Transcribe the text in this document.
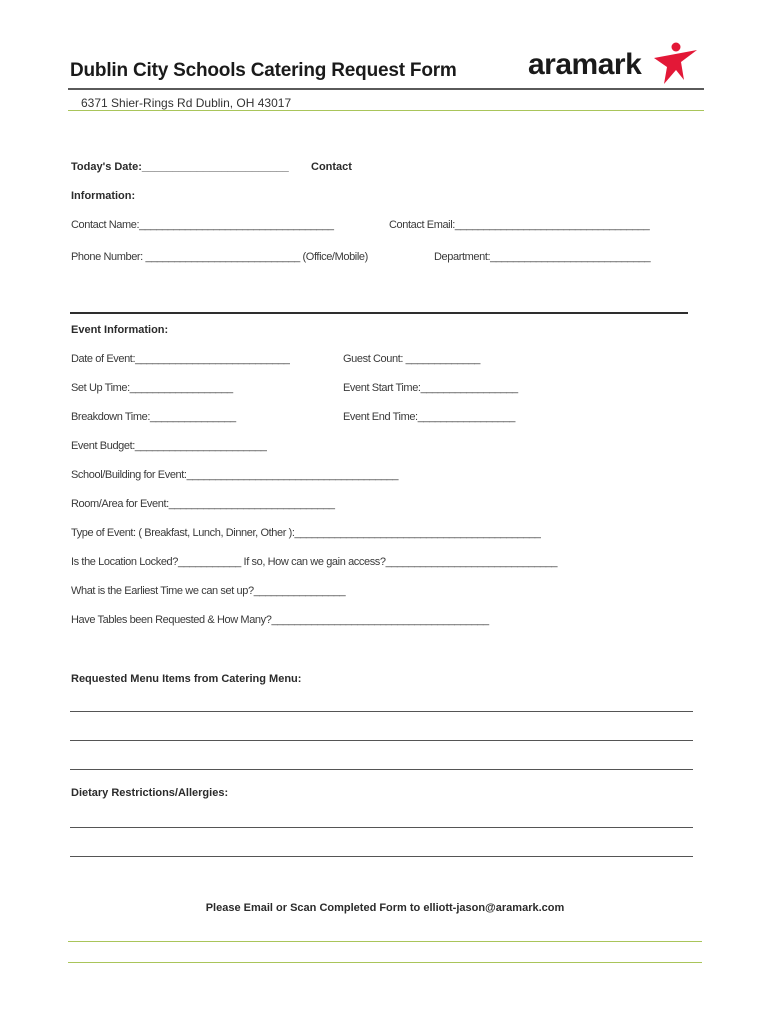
Dublin City Schools Catering Request Form aramark
6371 Shier-Rings Rd Dublin, OH 43017
Today's Date:________________________ Contact
Information:
Contact Name:__________________________________	Contact Email:__________________________________
Phone Number: ___________________________ (Office/Mobile)	Department:____________________________
Event Information:
Date of Event:___________________________	Guest Count: _____________
Set Up Time:__________________	Event Start Time:_________________
Breakdown Time:_______________	Event End Time:_________________
Event Budget:_______________________
School/Building for Event:_____________________________________
Room/Area for Event:_____________________________
Type of Event: ( Breakfast, Lunch, Dinner, Other ):___________________________________________
Is the Location Locked?___________ If so, How can we gain access?______________________________
What is the Earliest Time we can set up?________________
Have Tables been Requested & How Many?______________________________________
Requested Menu Items from Catering Menu:
Dietary Restrictions/Allergies:
Please Email or Scan Completed Form to elliott-jason@aramark.com
